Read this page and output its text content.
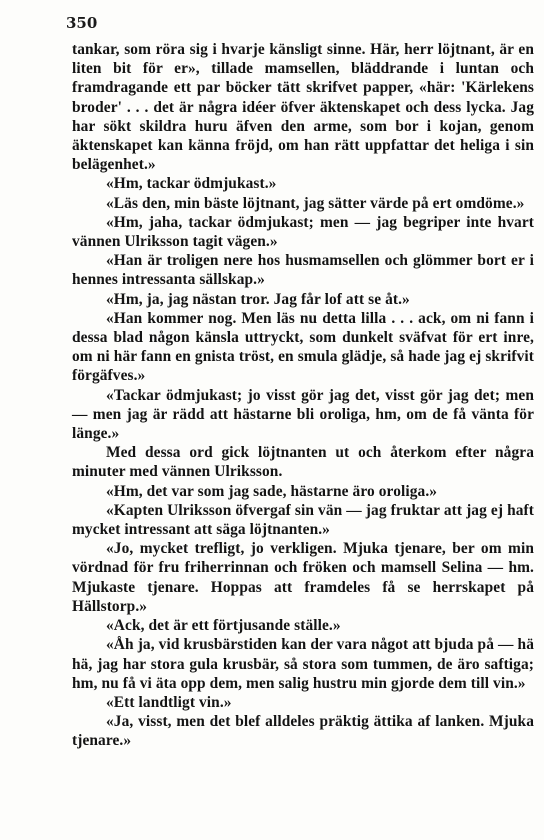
350

tankar, som röra sig i hvarje känsligt sinne. Här, herr löjtnant, är en liten bit för er», tillade mamsellen, bläddrande i luntan och framdragande ett par böcker tätt skrifvet papper, «här: 'Kärlekens broder' . . . det är några idéer öfver äktenskapet och dess lycka. Jag har sökt skildra huru äfven den arme, som bor i kojan, genom äktenskapet kan känna fröjd, om han rätt uppfattar det heliga i sin belägenhet.»

«Hm, tackar ödmjukast.»

«Läs den, min bäste löjtnant, jag sätter värde på ert omdöme.»

«Hm, jaha, tackar ödmjukast; men — jag begriper inte hvart vännen Ulriksson tagit vägen.»

«Han är troligen nere hos husmamsellen och glömmer bort er i hennes intressanta sällskap.»

«Hm, ja, jag nästan tror. Jag får lof att se åt.»

«Han kommer nog. Men läs nu detta lilla . . . ack, om ni fann i dessa blad någon känsla uttryckt, som dunkelt sväfvat för ert inre, om ni här fann en gnista tröst, en smula glädje, så hade jag ej skrifvit förgäfves.»

«Tackar ödmjukast; jo visst gör jag det, visst gör jag det; men — men jag är rädd att hästarne bli oroliga, hm, om de få vänta för länge.»

Med dessa ord gick löjtnanten ut och återkom efter några minuter med vännen Ulriksson.

«Hm, det var som jag sade, hästarne äro oroliga.»

«Kapten Ulriksson öfvergaf sin vän — jag fruktar att jag ej haft mycket intressant att säga löjtnanten.»

«Jo, mycket trefligt, jo verkligen. Mjuka tjenare, ber om min vördnad för fru friherrinnan och fröken och mamsell Selina — hm. Mjukaste tjenare. Hoppas att framdeles få se herrskapet på Hällstorp.»

«Ack, det är ett förtjusande ställe.»

«Åh ja, vid krusbärstiden kan der vara något att bjuda på — hä hä, jag har stora gula krusbär, så stora som tummen, de äro saftiga; hm, nu få vi äta opp dem, men salig hustru min gjorde dem till vin.»

«Ett landtligt vin.»

«Ja, visst, men det blef alldeles präktig ättika af lanken. Mjuka tjenare.»
